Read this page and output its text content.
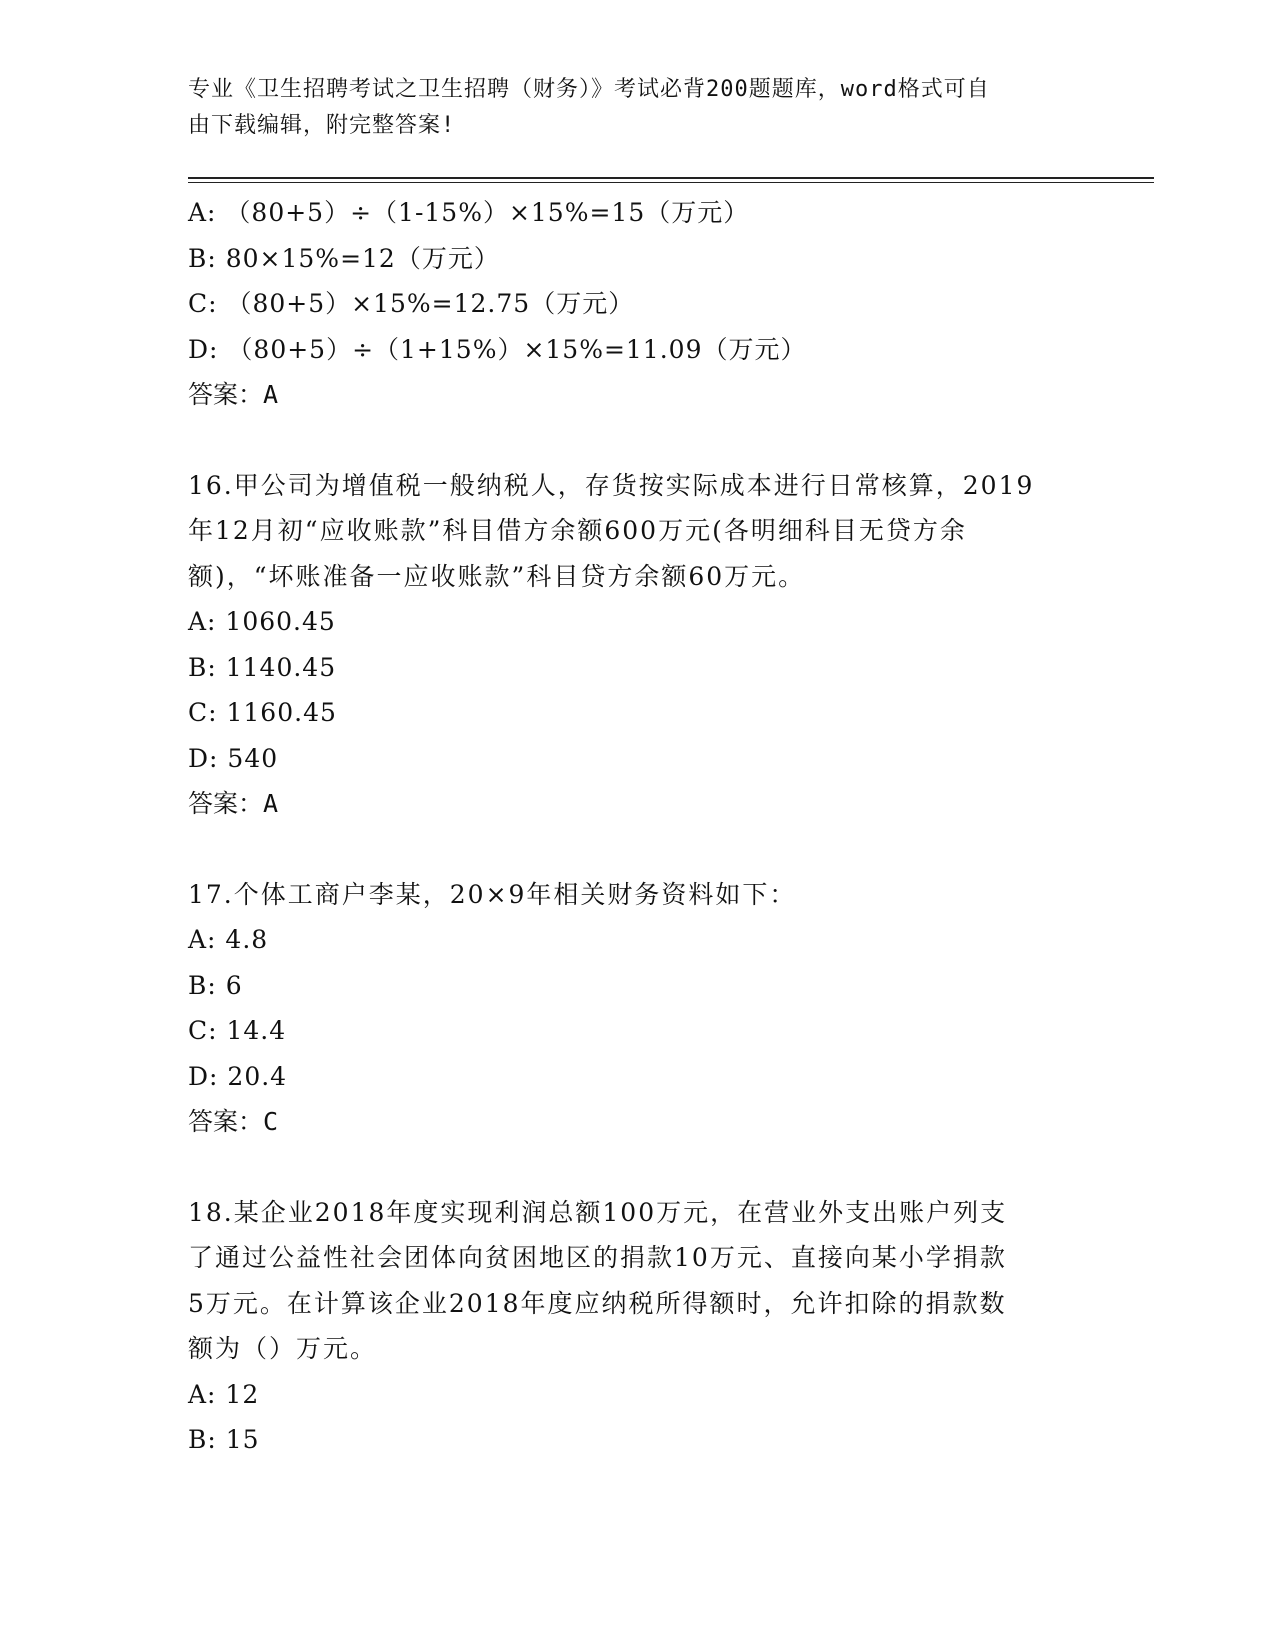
专业《卫生招聘考试之卫生招聘（财务）》考试必背200题题库，word格式可自
由下载编辑，附完整答案!
A: （80+5）÷（1-15%）×15%=15（万元）
B: 80×15%=12（万元）
C: （80+5）×15%=12.75（万元）
D: （80+5）÷（1+15%）×15%=11.09（万元）
答案：A
16.甲公司为增值税一般纳税人，存货按实际成本进行日常核算，2019
年12月初“应收账款”科目借方余额600万元(各明细科目无贷方余
额)，“坏账准备一应收账款”科目贷方余额60万元。
A: 1060.45
B: 1140.45
C: 1160.45
D: 540
答案：A
17.个体工商户李某，20×9年相关财务资料如下：
A: 4.8
B: 6
C: 14.4
D: 20.4
答案：C
18.某企业2018年度实现利润总额100万元，在营业外支出账户列支
了通过公益性社会团体向贫困地区的捐款10万元、直接向某小学捐款
5万元。在计算该企业2018年度应纳税所得额时，允许扣除的捐款数
额为（）万元。
A: 12
B: 15
